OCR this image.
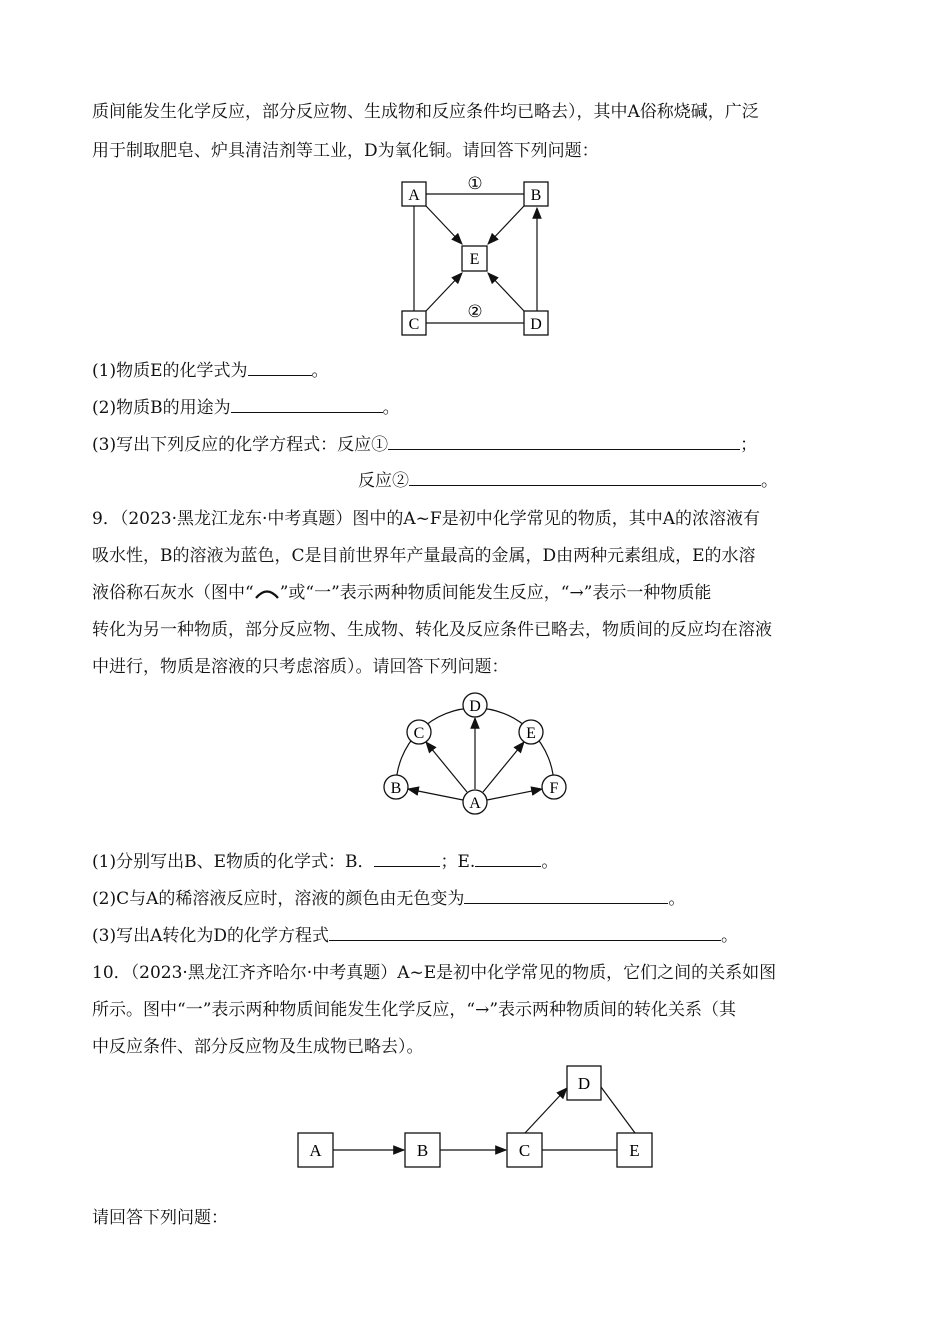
质间能发生化学反应，部分反应物、生成物和反应条件均已略去），其中A俗称烧碱，广泛
用于制取肥皂、炉具清洁剂等工业，D为氧化铜。请回答下列问题：
①
②
A	B
E
C	D
(1)物质E的化学式为	。
(2)物质B的用途为	。
(3)写出下列反应的化学方程式：反应①	；
反应②	。
9．（2023·黑龙江龙东·中考真题）图中的A~F是初中化学常见的物质，其中A的浓溶液有
吸水性，B的溶液为蓝色，C是目前世界年产量最高的金属，D由两种元素组成，E的水溶
液俗称石灰水（图中“ ”或“一”表示两种物质间能发生反应，“→”表示一种物质能
转化为另一种物质，部分反应物、生成物、转化及反应条件已略去，物质间的反应均在溶液
中进行，物质是溶液的只考虑溶质）。请回答下列问题：
D
C	E
B	F
A
(1)分别写出B、E物质的化学式：B．	；E.	。
(2)C与A的稀溶液反应时，溶液的颜色由无色变为	。
(3)写出A转化为D的化学方程式	。
10．（2023·黑龙江齐齐哈尔·中考真题）A~E是初中化学常见的物质，它们之间的关系如图
所示。图中“一”表示两种物质间能发生化学反应，“→”表示两种物质间的转化关系（其
中反应条件、部分反应物及生成物已略去）。
A	B	C
D
E
请回答下列问题：
